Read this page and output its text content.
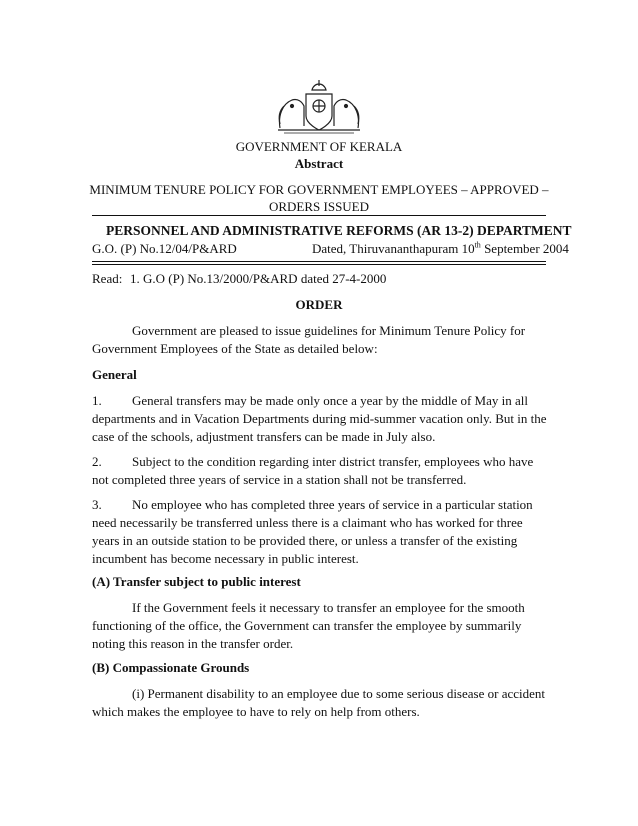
GOVERNMENT OF KERALA
Abstract
MINIMUM TENURE POLICY FOR GOVERNMENT EMPLOYEES – APPROVED –
ORDERS ISSUED
PERSONNEL AND ADMINISTRATIVE REFORMS (AR 13-2) DEPARTMENT
G.O. (P) No.12/04/P&ARD	Dated, Thiruvananthapuram 10th September 2004
Read: 1. G.O (P) No.13/2000/P&ARD dated 27-4-2000
ORDER
Government are pleased to issue guidelines for Minimum Tenure Policy for Government Employees of the State as detailed below:
General
1. General transfers may be made only once a year by the middle of May in all departments and in Vacation Departments during mid-summer vacation only. But in the case of the schools, adjustment transfers can be made in July also.
2. Subject to the condition regarding inter district transfer, employees who have not completed three years of service in a station shall not be transferred.
3. No employee who has completed three years of service in a particular station need necessarily be transferred unless there is a claimant who has worked for three years in an outside station to be provided there, or unless a transfer of the existing incumbent has become necessary in public interest.
(A) Transfer subject to public interest
If the Government feels it necessary to transfer an employee for the smooth functioning of the office, the Government can transfer the employee by summarily noting this reason in the transfer order.
(B) Compassionate Grounds
(i) Permanent disability to an employee due to some serious disease or accident which makes the employee to have to rely on help from others.
